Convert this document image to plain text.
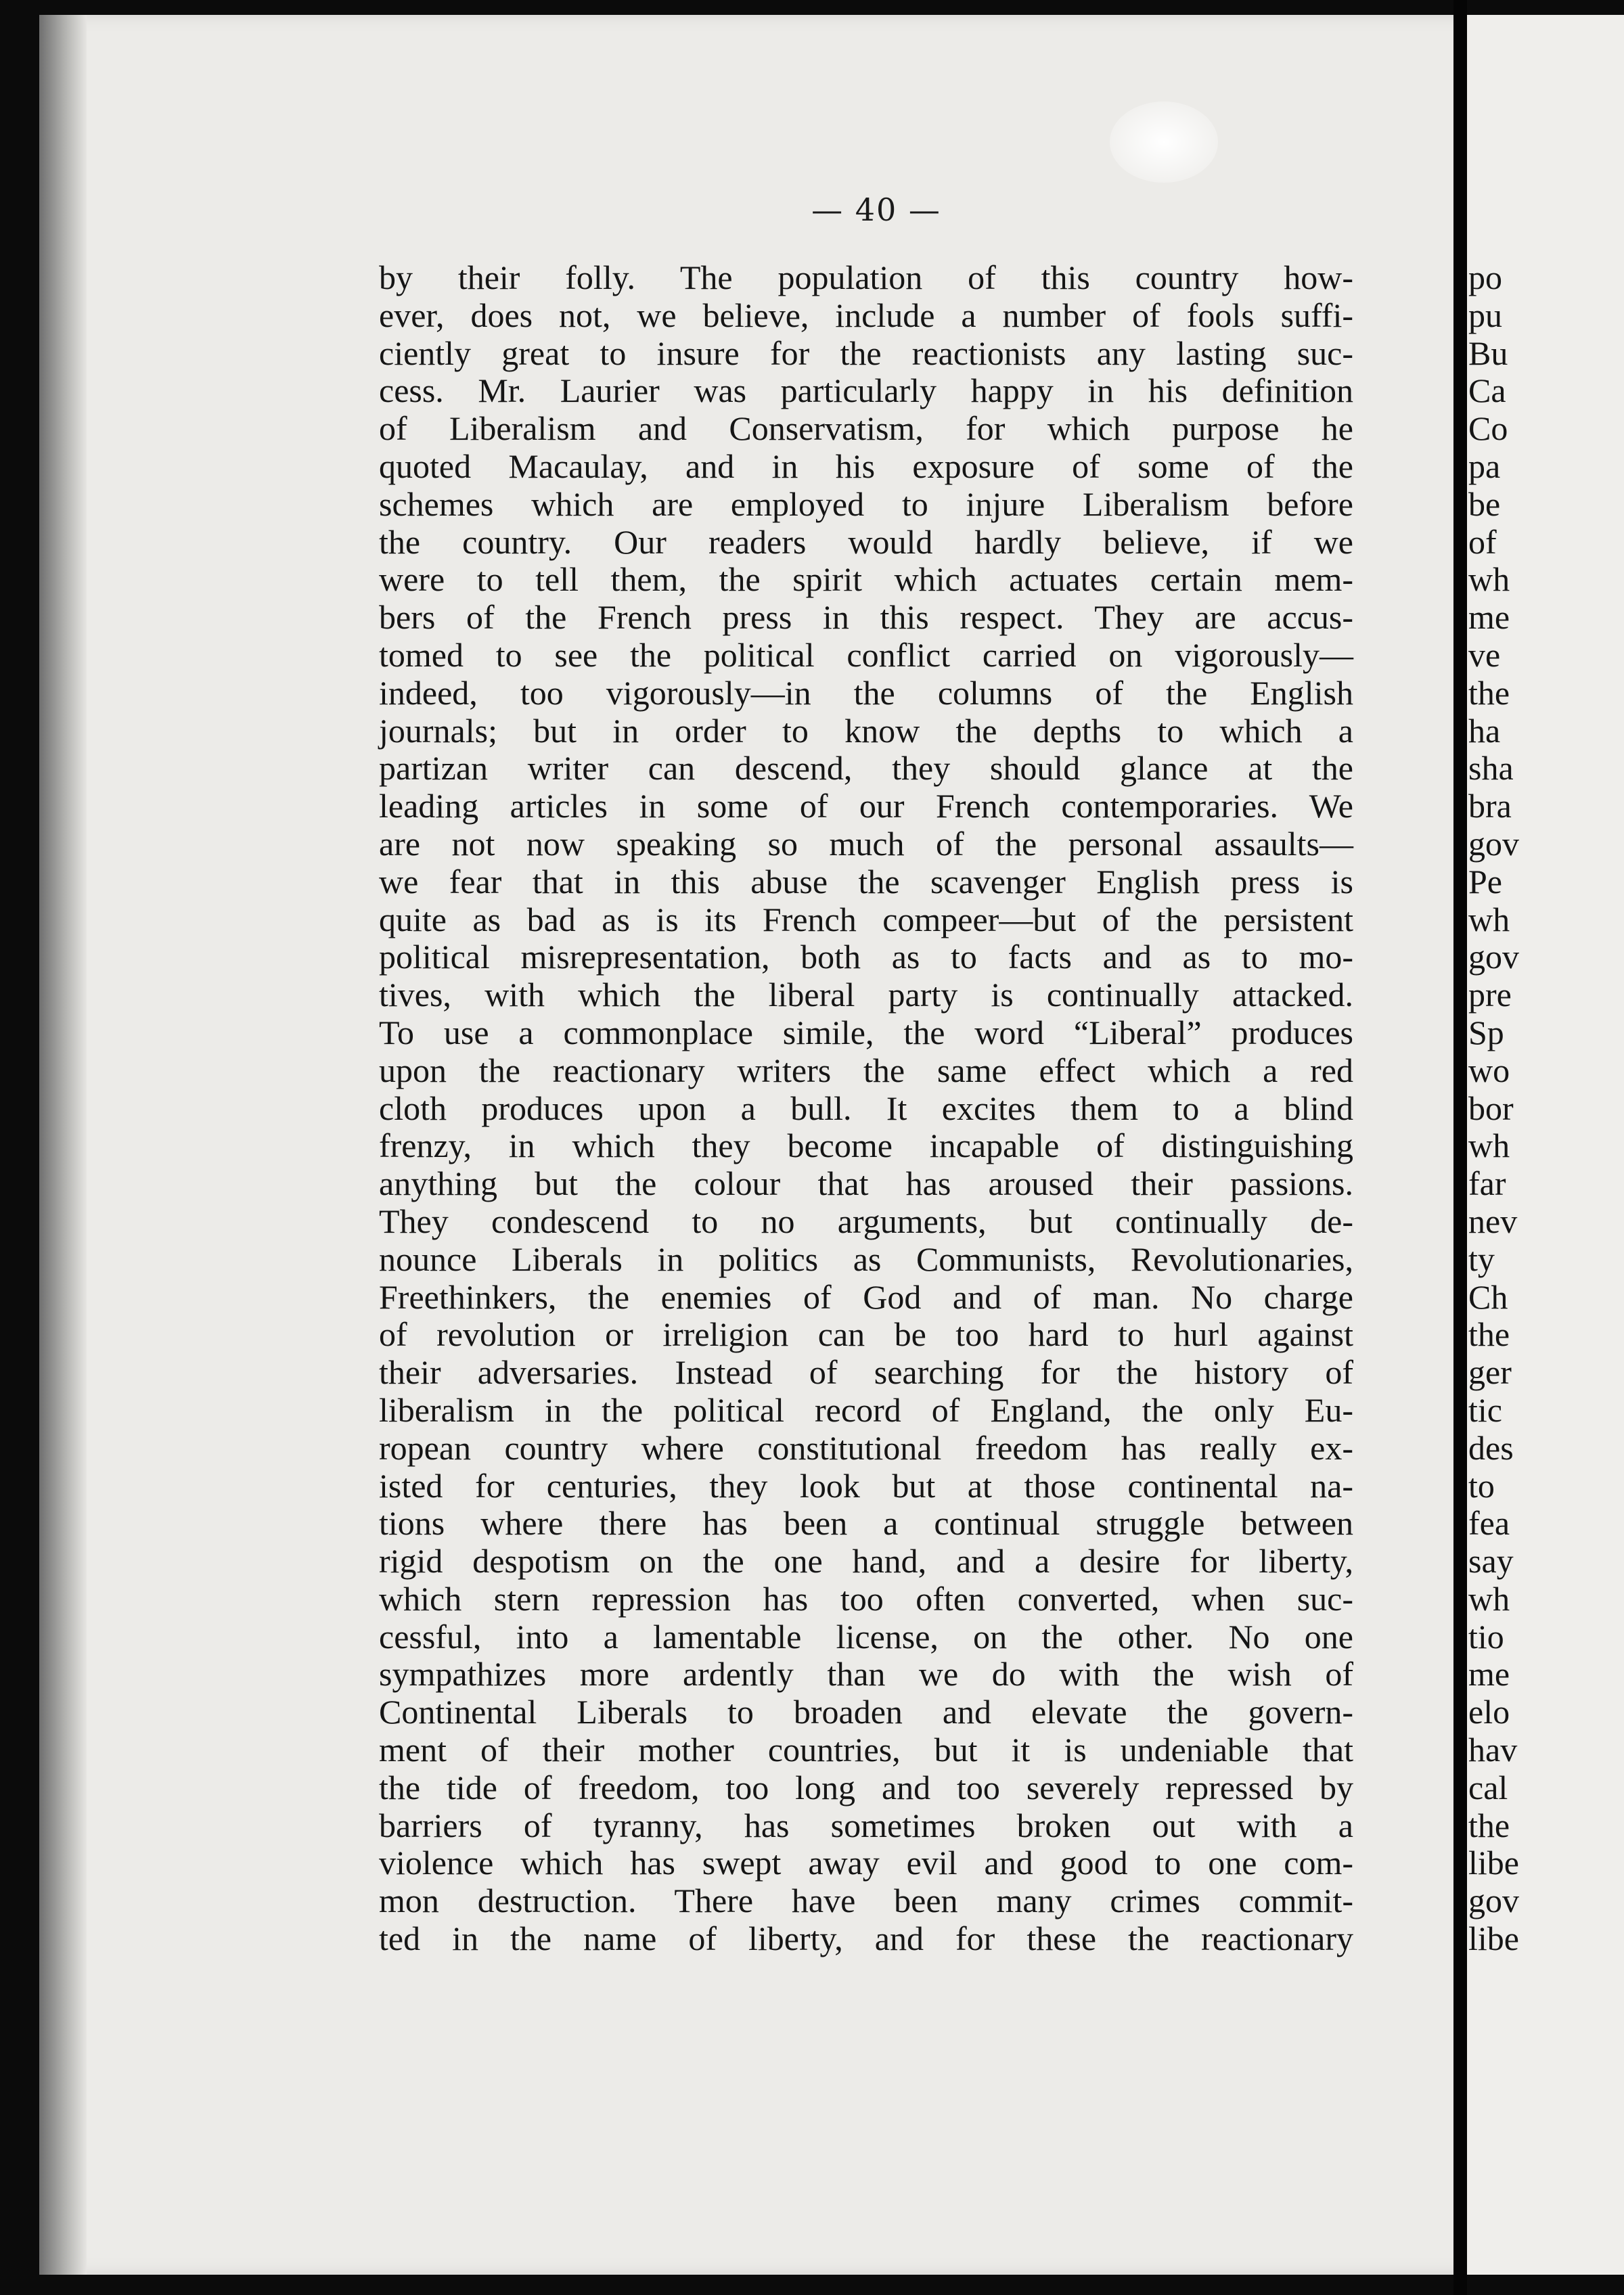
— 40 —
by their folly. The population of this country how-
ever, does not, we believe, include a number of fools suffi-
ciently great to insure for the reactionists any lasting suc-
cess. Mr. Laurier was particularly happy in his definition
of Liberalism and Conservatism, for which purpose he
quoted Macaulay, and in his exposure of some of the
schemes which are employed to injure Liberalism before
the country. Our readers would hardly believe, if we
were to tell them, the spirit which actuates certain mem-
bers of the French press in this respect. They are accus-
tomed to see the political conflict carried on vigorously—
indeed, too vigorously—in the columns of the English
journals; but in order to know the depths to which a
partizan writer can descend, they should glance at the
leading articles in some of our French contemporaries. We
are not now speaking so much of the personal assaults—
we fear that in this abuse the scavenger English press is
quite as bad as is its French compeer—but of the persistent
political misrepresentation, both as to facts and as to mo-
tives, with which the liberal party is continually attacked.
To use a commonplace simile, the word “Liberal” produces
upon the reactionary writers the same effect which a red
cloth produces upon a bull. It excites them to a blind
frenzy, in which they become incapable of distinguishing
anything but the colour that has aroused their passions.
They condescend to no arguments, but continually de-
nounce Liberals in politics as Communists, Revolutionaries,
Freethinkers, the enemies of God and of man. No charge
of revolution or irreligion can be too hard to hurl against
their adversaries. Instead of searching for the history of
liberalism in the political record of England, the only Eu-
ropean country where constitutional freedom has really ex-
isted for centuries, they look but at those continental na-
tions where there has been a continual struggle between
rigid despotism on the one hand, and a desire for liberty,
which stern repression has too often converted, when suc-
cessful, into a lamentable license, on the other. No one
sympathizes more ardently than we do with the wish of
Continental Liberals to broaden and elevate the govern-
ment of their mother countries, but it is undeniable that
the tide of freedom, too long and too severely repressed by
barriers of tyranny, has sometimes broken out with a
violence which has swept away evil and good to one com-
mon destruction. There have been many crimes commit-
ted in the name of liberty, and for these the reactionary
po
pu
Bu
Ca
Co
pa
be
of
wh
me
ve
the
ha
sha
bra
gov
Pe
wh
gov
pre
Sp
wo
bor
wh
far
nev
ty
Ch
the
ger
tic
des
to
fea
say
wh
tio
me
elo
hav
cal
the
libe
gov
libe
